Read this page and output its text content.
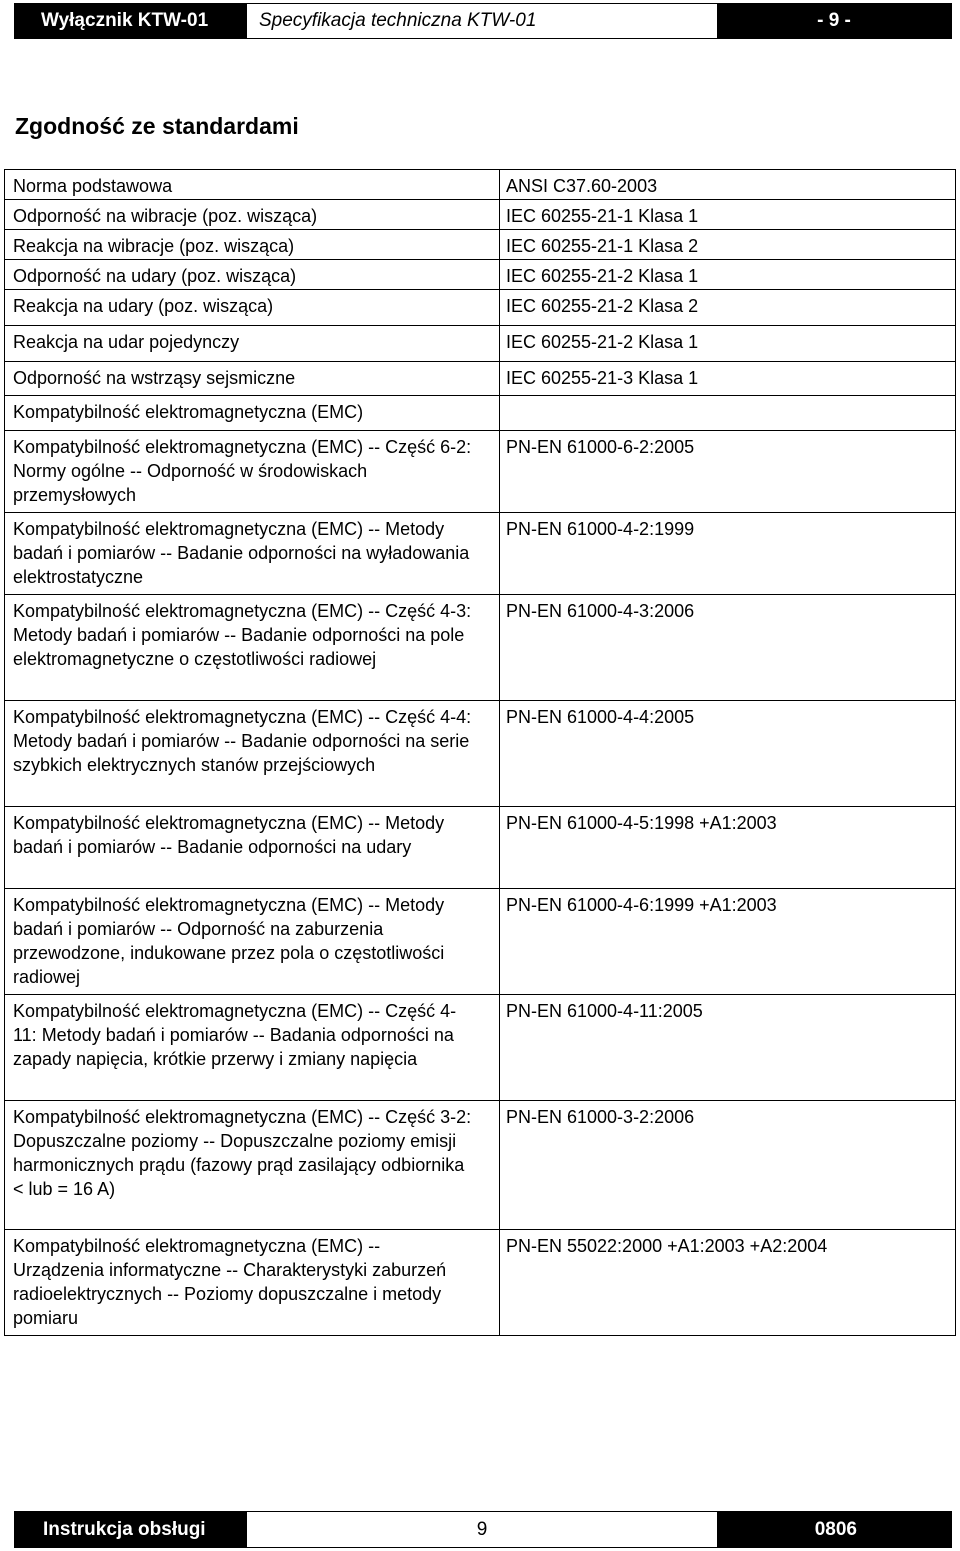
Wyłącznik KTW-01	Specyfikacja techniczna KTW-01	- 9 -
Zgodność ze standardami
Norma podstawowa	ANSI C37.60-2003
Odporność na wibracje (poz. wisząca)	IEC 60255-21-1 Klasa 1
Reakcja na wibracje (poz. wisząca)	IEC 60255-21-1 Klasa 2
Odporność na udary (poz. wisząca)	IEC 60255-21-2 Klasa 1
Reakcja na udary (poz. wisząca)	IEC 60255-21-2 Klasa 2
Reakcja na udar pojedynczy	IEC 60255-21-2 Klasa 1
Odporność na wstrząsy sejsmiczne	IEC 60255-21-3 Klasa 1
Kompatybilność elektromagnetyczna (EMC)	

Kompatybilność elektromagnetyczna (EMC) -- Część 6-2: Normy ogólne -- Odporność w środowiskach przemysłowych	PN-EN 61000-6-2:2005

Kompatybilność elektromagnetyczna (EMC) -- Metody badań i pomiarów -- Badanie odporności na wyładowania elektrostatyczne	PN-EN 61000-4-2:1999

Kompatybilność elektromagnetyczna (EMC) -- Część 4-3: Metody badań i pomiarów -- Badanie odporności na pole elektromagnetyczne o częstotliwości radiowej	PN-EN 61000-4-3:2006

Kompatybilność elektromagnetyczna (EMC) -- Część 4-4: Metody badań i pomiarów -- Badanie odporności na serie szybkich elektrycznych stanów przejściowych	PN-EN 61000-4-4:2005

Kompatybilność elektromagnetyczna (EMC) -- Metody badań i pomiarów -- Badanie odporności na udary	PN-EN 61000-4-5:1998 +A1:2003

Kompatybilność elektromagnetyczna (EMC) -- Metody badań i pomiarów -- Odporność na zaburzenia przewodzone, indukowane przez pola o częstotliwości radiowej	PN-EN 61000-4-6:1999 +A1:2003

Kompatybilność elektromagnetyczna (EMC) -- Część 4-11: Metody badań i pomiarów -- Badania odporności na zapady napięcia, krótkie przerwy i zmiany napięcia	PN-EN 61000-4-11:2005

Kompatybilność elektromagnetyczna (EMC) -- Część 3-2: Dopuszczalne poziomy -- Dopuszczalne poziomy emisji harmonicznych prądu (fazowy prąd zasilający odbiornika < lub = 16 A)	PN-EN 61000-3-2:2006

Kompatybilność elektromagnetyczna (EMC) -- Urządzenia informatyczne -- Charakterystyki zaburzeń radioelektrycznych -- Poziomy dopuszczalne i metody pomiaru	PN-EN 55022:2000 +A1:2003 +A2:2004
Instrukcja obsługi	9	0806
